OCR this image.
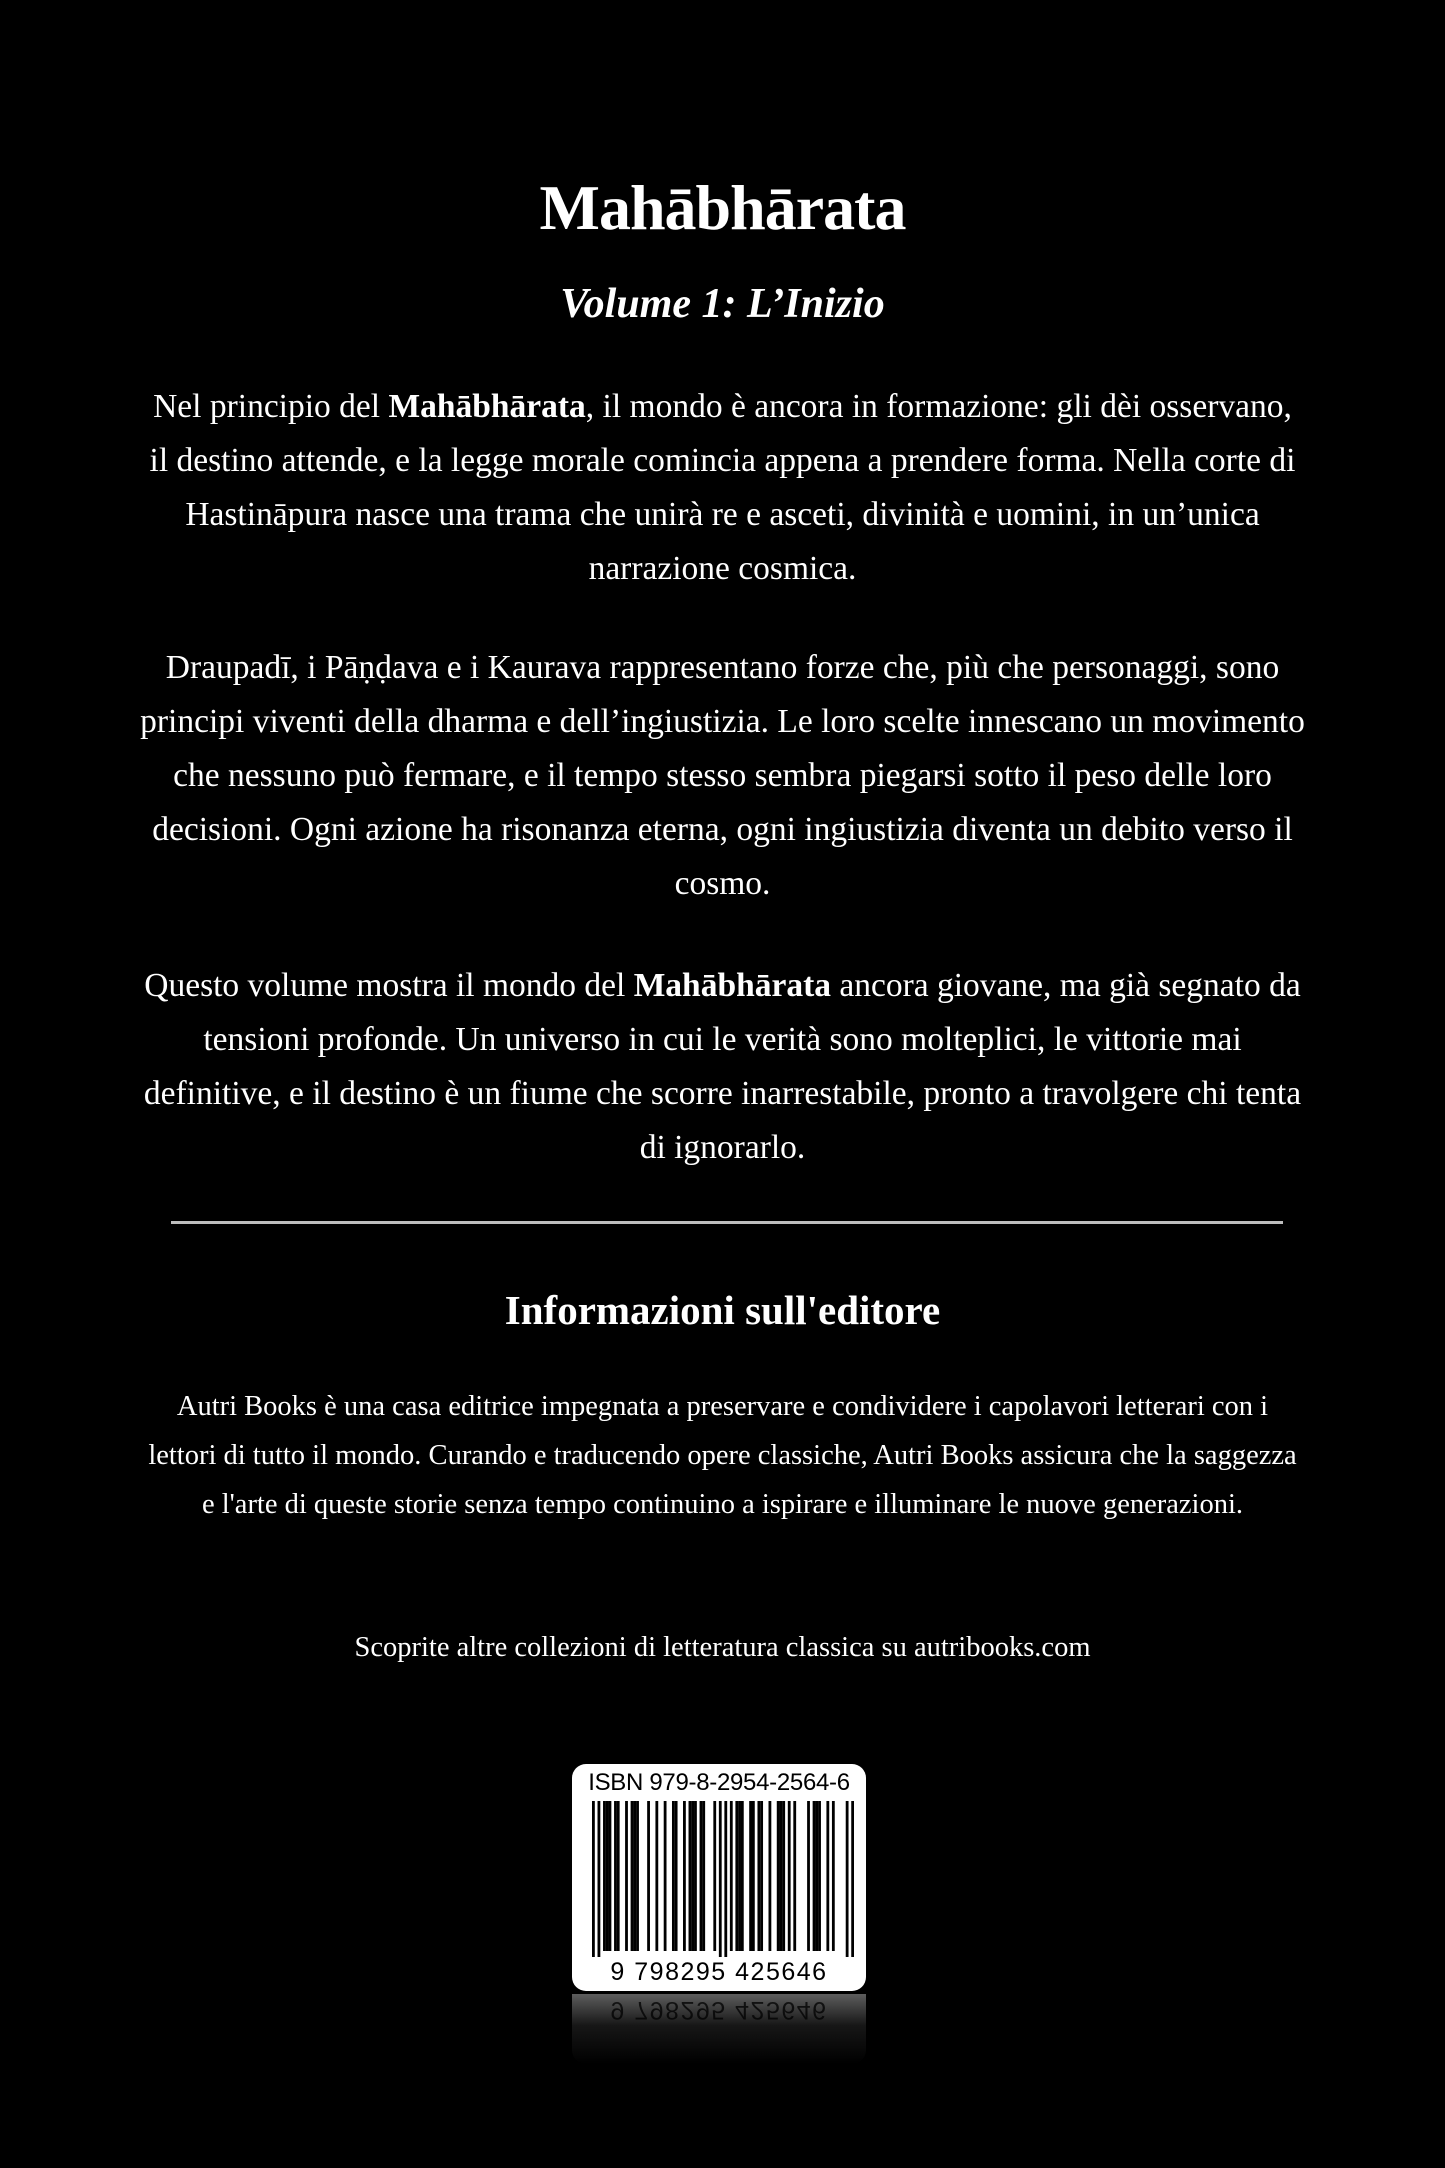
Mahābhārata
Volume 1: L’Inizio

Nel principio del Mahābhārata, il mondo è ancora in formazione: gli dèi osservano, il destino attende, e la legge morale comincia appena a prendere forma. Nella corte di Hastināpura nasce una trama che unirà re e asceti, divinità e uomini, in un’unica narrazione cosmica.

Draupadī, i Pāṇḍava e i Kaurava rappresentano forze che, più che personaggi, sono principi viventi della dharma e dell’ingiustizia. Le loro scelte innescano un movimento che nessuno può fermare, e il tempo stesso sembra piegarsi sotto il peso delle loro decisioni. Ogni azione ha risonanza eterna, ogni ingiustizia diventa un debito verso il cosmo.

Questo volume mostra il mondo del Mahābhārata ancora giovane, ma già segnato da tensioni profonde. Un universo in cui le verità sono molteplici, le vittorie mai definitive, e il destino è un fiume che scorre inarrestabile, pronto a travolgere chi tenta di ignorarlo.

Informazioni sull'editore

Autri Books è una casa editrice impegnata a preservare e condividere i capolavori letterari con i lettori di tutto il mondo. Curando e traducendo opere classiche, Autri Books assicura che la saggezza e l'arte di queste storie senza tempo continuino a ispirare e illuminare le nuove generazioni.

Scoprite altre collezioni di letteratura classica su autribooks.com

ISBN 979-8-2954-2564-6
9 798295 425646
9 798295 425646
